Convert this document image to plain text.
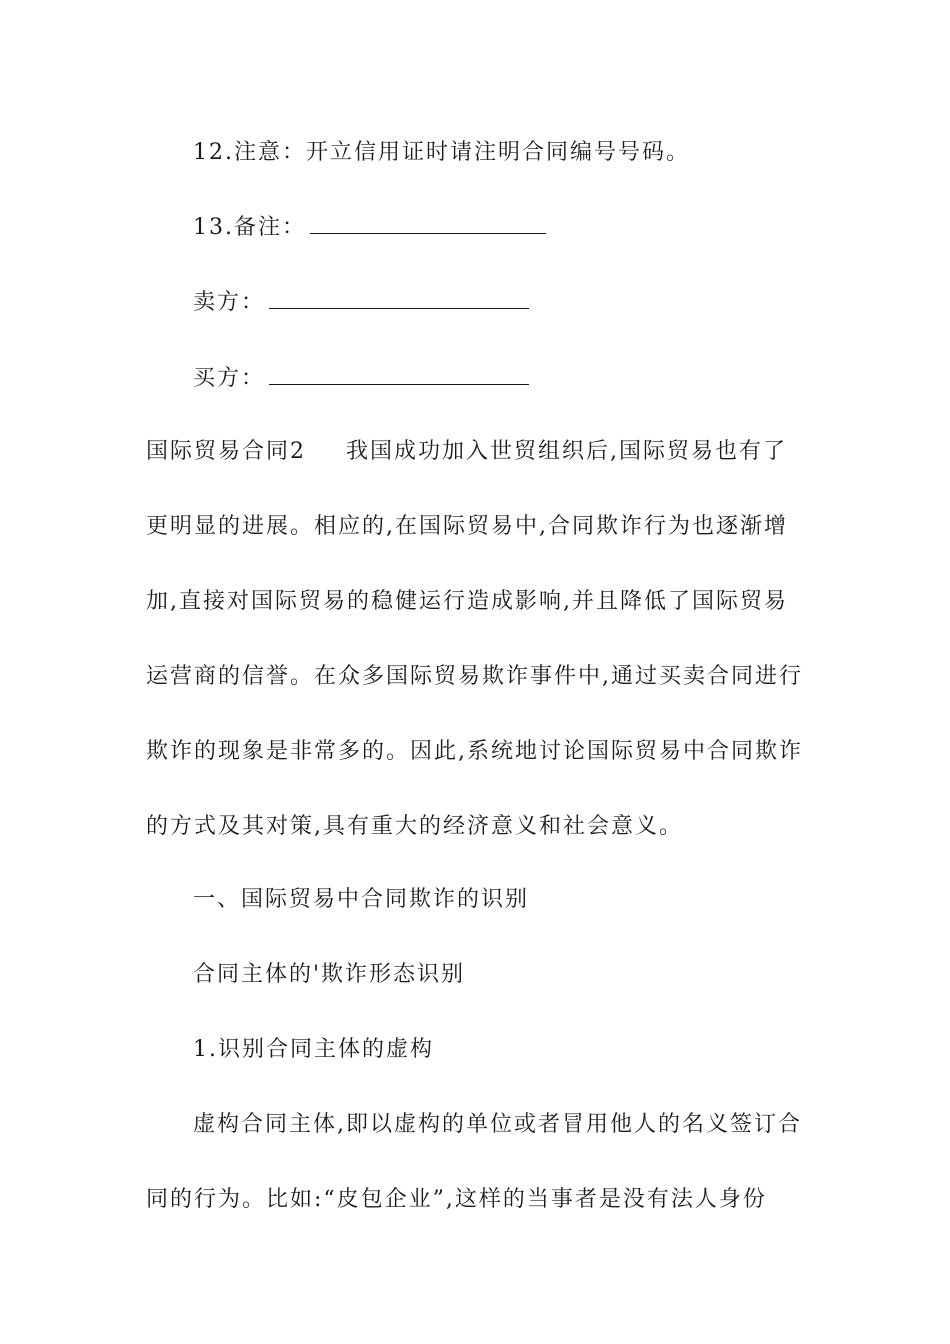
12.注意：开立信用证时请注明合同编号号码。
13.备注：
卖方：
买方：
国际贸易合同2 我国成功加入世贸组织后,国际贸易也有了
更明显的进展。相应的,在国际贸易中,合同欺诈行为也逐渐增
加,直接对国际贸易的稳健运行造成影响,并且降低了国际贸易
运营商的信誉。在众多国际贸易欺诈事件中,通过买卖合同进行
欺诈的现象是非常多的。因此,系统地讨论国际贸易中合同欺诈
的方式及其对策,具有重大的经济意义和社会意义。
一、国际贸易中合同欺诈的识别
合同主体的'欺诈形态识别
1.识别合同主体的虚构
虚构合同主体,即以虚构的单位或者冒用他人的名义签订合
同的行为。比如:“皮包企业”,这样的当事者是没有法人身份
